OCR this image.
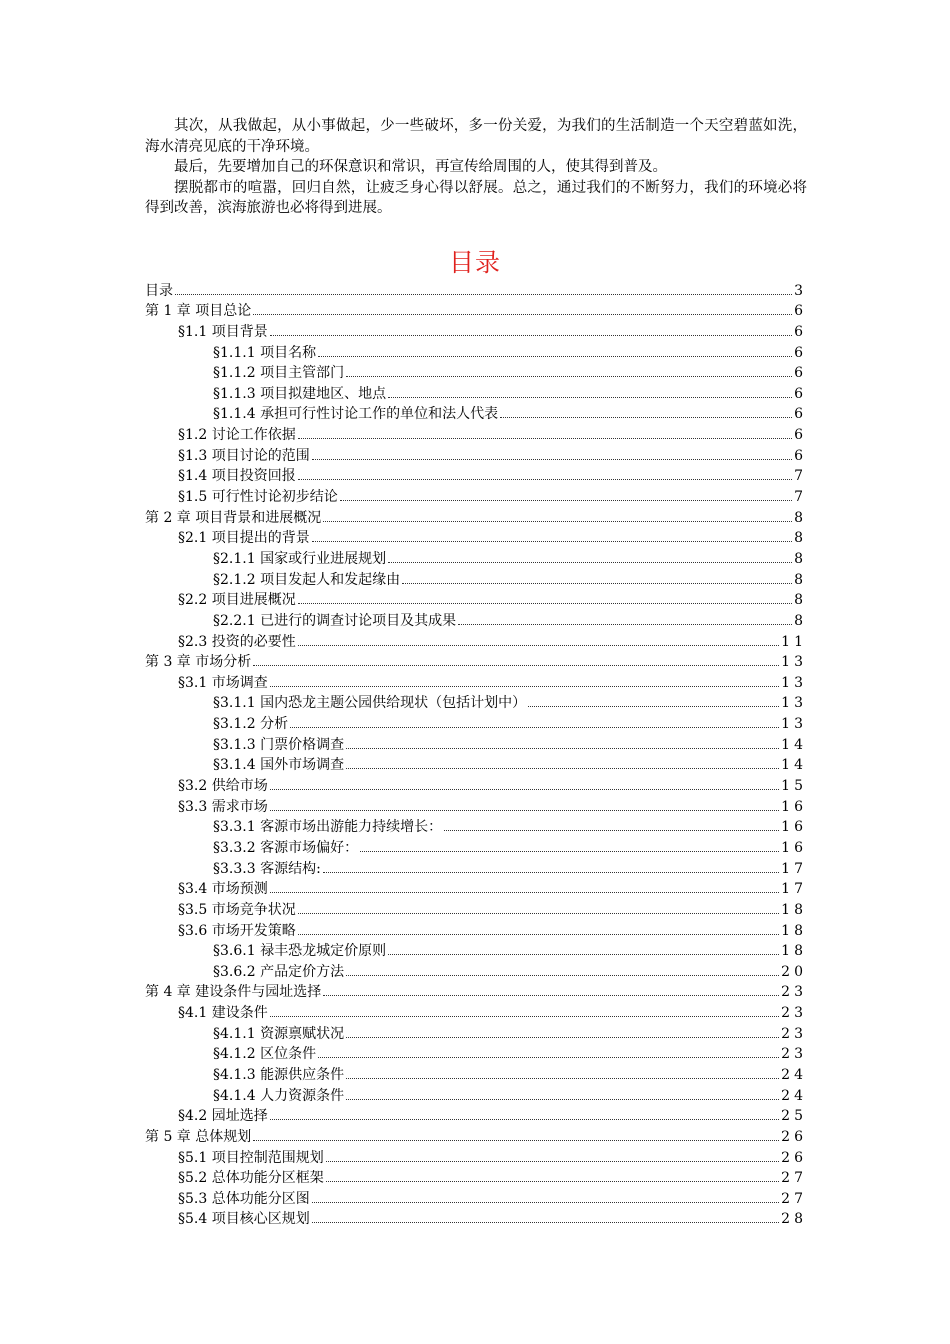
其次，从我做起，从小事做起，少一些破坏，多一份关爱，为我们的生活制造一个天空碧蓝如洗，海水清亮见底的干净环境。

最后，先要增加自己的环保意识和常识，再宣传给周围的人，使其得到普及。

摆脱都市的喧嚣，回归自然，让疲乏身心得以舒展。总之，通过我们的不断努力，我们的环境必将得到改善，滨海旅游也必将得到进展。

目录
目录	3
第 1 章 项目总论	6
§1.1 项目背景	6
§1.1.1 项目名称	6
§1.1.2 项目主管部门	6
§1.1.3 项目拟建地区、地点	6
§1.1.4 承担可行性讨论工作的单位和法人代表	6
§1.2 讨论工作依据	6
§1.3 项目讨论的范围	6
§1.4 项目投资回报	7
§1.5 可行性讨论初步结论	7
第 2 章 项目背景和进展概况	8
§2.1 项目提出的背景	8
§2.1.1 国家或行业进展规划	8
§2.1.2 项目发起人和发起缘由	8
§2.2 项目进展概况	8
§2.2.1 已进行的调查讨论项目及其成果	8
§2.3 投资的必要性	11
第 3 章 市场分析	13
§3.1 市场调查	13
§3.1.1 国内恐龙主题公园供给现状（包括计划中）	13
§3.1.2 分析	13
§3.1.3 门票价格调查	14
§3.1.4 国外市场调查	14
§3.2 供给市场	15
§3.3 需求市场	16
§3.3.1 客源市场出游能力持续增长：	16
§3.3.2 客源市场偏好：	16
§3.3.3 客源结构:	17
§3.4 市场预测	17
§3.5 市场竞争状况	18
§3.6 市场开发策略	18
§3.6.1 禄丰恐龙城定价原则	18
§3.6.2 产品定价方法	20
第 4 章 建设条件与园址选择	23
§4.1 建设条件	23
§4.1.1 资源禀赋状况	23
§4.1.2 区位条件	23
§4.1.3 能源供应条件	24
§4.1.4 人力资源条件	24
§4.2 园址选择	25
第 5 章 总体规划	26
§5.1 项目控制范围规划	26
§5.2 总体功能分区框架	27
§5.3 总体功能分区图	27
§5.4 项目核心区规划	28
